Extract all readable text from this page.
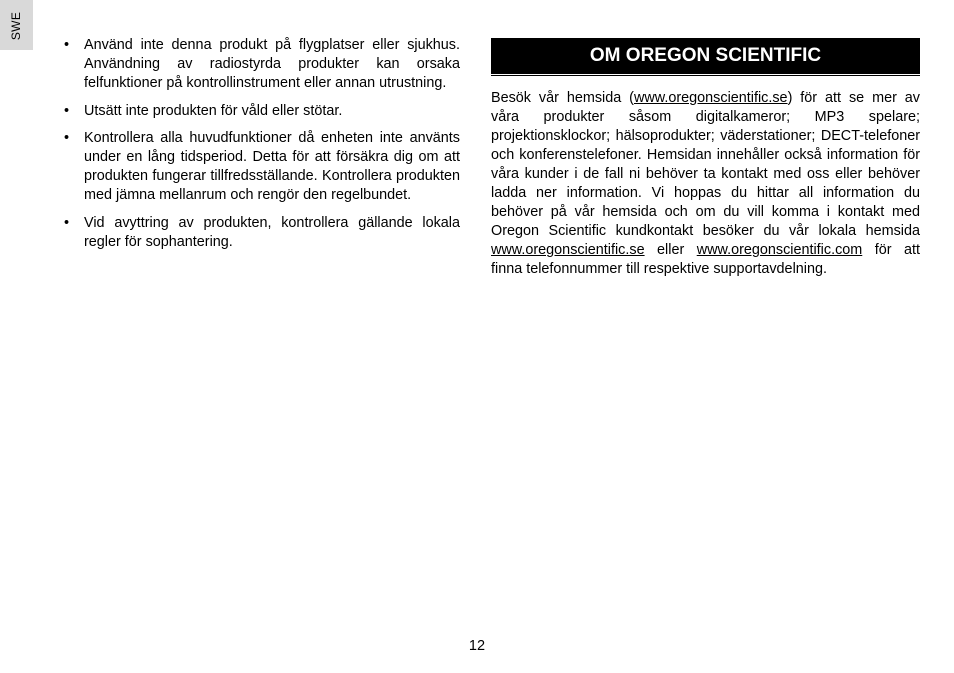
SWE
• Använd inte denna produkt på flygplatser eller sjukhus. Användning av radiostyrda produkter kan orsaka felfunktioner på kontrollinstrument eller annan utrustning.
• Utsätt inte produkten för våld eller stötar.
• Kontrollera alla huvudfunktioner då enheten inte använts under en lång tidsperiod. Detta för att försäkra dig om att produkten fungerar tillfredsställande. Kontrollera produkten med jämna mellanrum och rengör den regelbundet.
• Vid avyttring av produkten, kontrollera gällande lokala regler för sophantering.
OM OREGON SCIENTIFIC

Besök vår hemsida (www.oregonscientific.se) för att se mer av våra produkter såsom digitalkameror; MP3 spelare; projektionsklockor; hälsoprodukter; väderstationer; DECT-telefoner och konferenstelefoner. Hemsidan innehåller också information för våra kunder i de fall ni behöver ta kontakt med oss eller behöver ladda ner information. Vi hoppas du hittar all information du behöver på vår hemsida och om du vill komma i kontakt med Oregon Scientific kundkontakt besöker du vår lokala hemsida www.oregonscientific.se eller www.oregonscientific.com för att finna telefonnummer till respektive supportavdelning.

12
